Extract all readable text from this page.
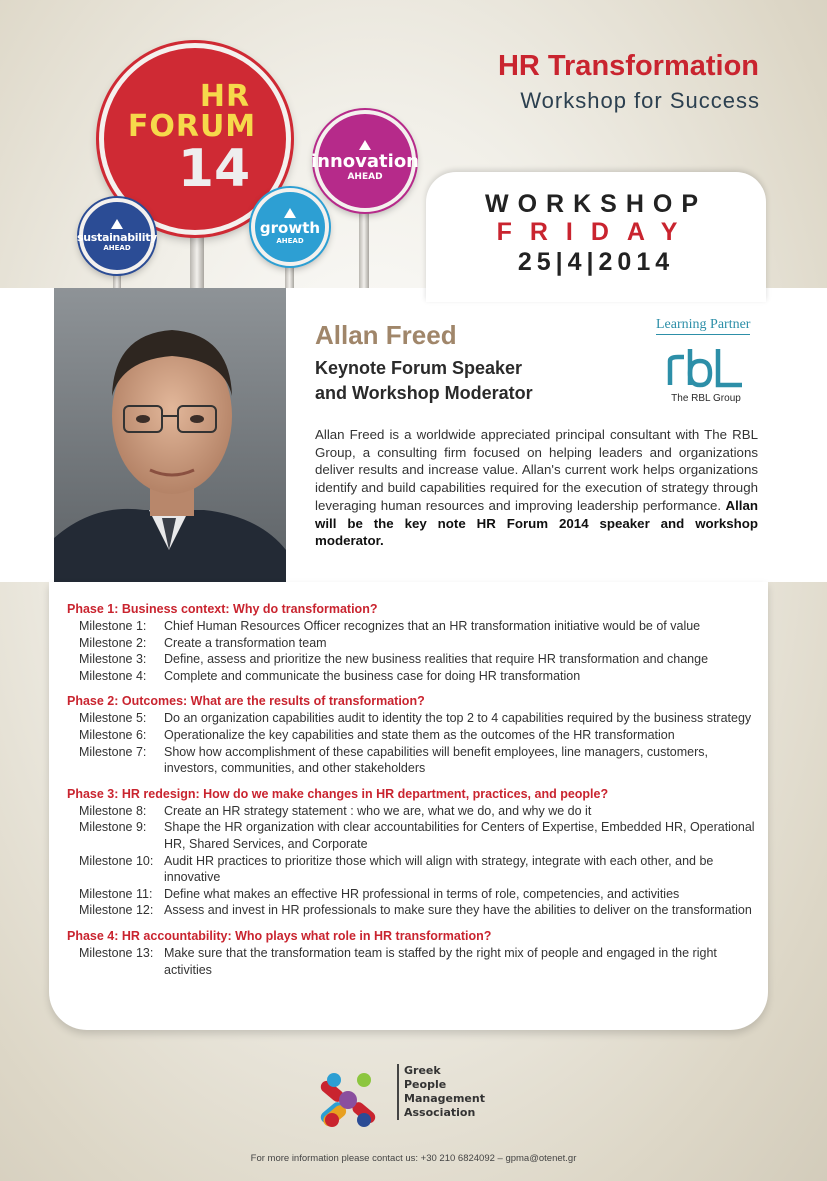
HR
FORUM
14	innovation
AHEAD
growth
AHEAD
sustainability
AHEAD
HR Transformation
Workshop for Success
WORKSHOP
FRIDAY
25|4|2014
Allan Freed
Keynote Forum Speaker
and Workshop Moderator
Learning Partner
The RBL Group
Allan Freed is a worldwide appreciated principal consultant with The RBL Group, a consulting firm focused on helping leaders and organizations deliver results and increase value. Allan's current work helps organizations identify and build capabilities required for the execution of strategy through leveraging human resources and improving leadership performance. Allan will be the key note HR Forum 2014 speaker and workshop moderator.
Phase 1: Business context: Why do transformation?
Milestone 1:	Chief Human Resources Officer recognizes that an HR transformation initiative would be of value
Milestone 2:	Create a transformation team
Milestone 3:	Define, assess and prioritize the new business realities that require HR transformation and change
Milestone 4:	Complete and communicate the business case for doing HR transformation
Phase 2: Outcomes: What are the results of transformation?
Milestone 5:	Do an organization capabilities audit to identity the top 2 to 4 capabilities required by the business strategy
Milestone 6:	Operationalize the key capabilities and state them as the outcomes of the HR transformation
Milestone 7:	Show how accomplishment of these capabilities will benefit employees, line managers, customers, investors, communities, and other stakeholders
Phase 3: HR redesign: How do we make changes in HR department, practices, and people?
Milestone 8:	Create an HR strategy statement : who we are, what we do, and why we do it
Milestone 9:	Shape the HR organization with clear accountabilities for Centers of Expertise, Embedded HR, Operational HR, Shared Services, and Corporate
Milestone 10: Audit HR practices to prioritize those which will align with strategy, integrate with each other, and be innovative
Milestone 11: Define what makes an effective HR professional in terms of role, competencies, and activities
Milestone 12: Assess and invest in HR professionals to make sure they have the abilities to deliver on the transformation
Phase 4: HR accountability: Who plays what role in HR transformation?
Milestone 13: Make sure that the transformation team is staffed by the right mix of people and engaged in the right activities
Greek
People
Management
Association
For more information please contact us: +30 210 6824092 – gpma@otenet.gr
